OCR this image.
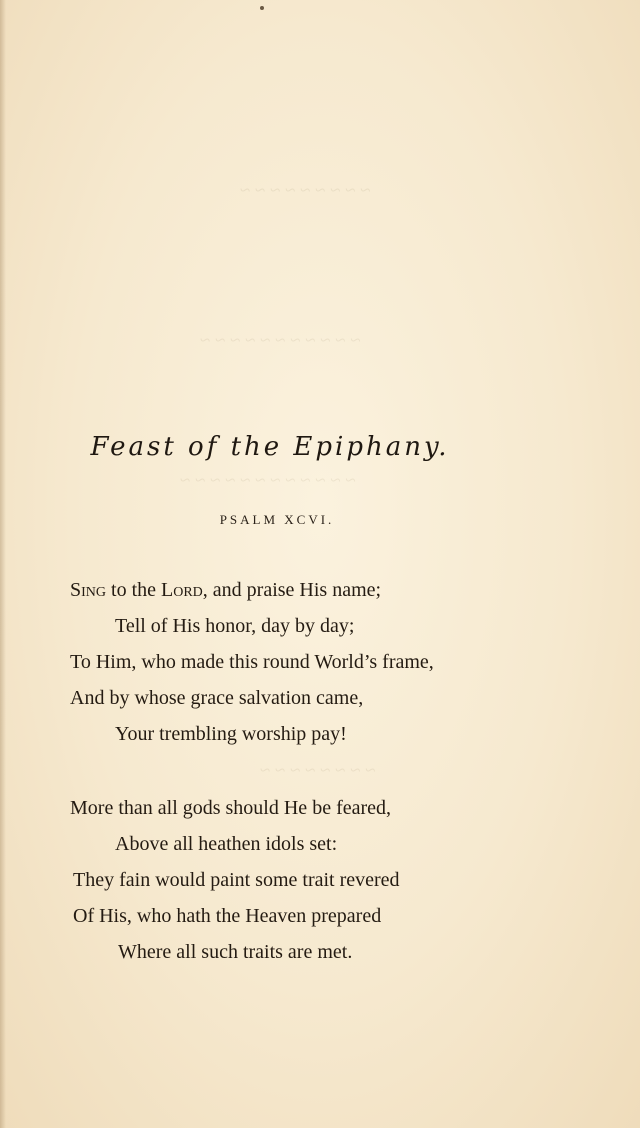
~ ~ ~ ~ ~ ~ ~ ~ ~
~ ~ ~ ~ ~ ~ ~ ~ ~ ~ ~
~ ~ ~ ~ ~ ~ ~ ~ ~ ~ ~ ~
~ ~ ~ ~ ~ ~ ~ ~
Feast of the Epiphany.
PSALM XCVI.
Sing to the Lord, and praise His name;
Tell of His honor, day by day;
To Him, who made this round World’s frame,
And by whose grace salvation came,
Your trembling worship pay!
More than all gods should He be feared,
Above all heathen idols set:
They fain would paint some trait revered
Of His, who hath the Heaven prepared
Where all such traits are met.
